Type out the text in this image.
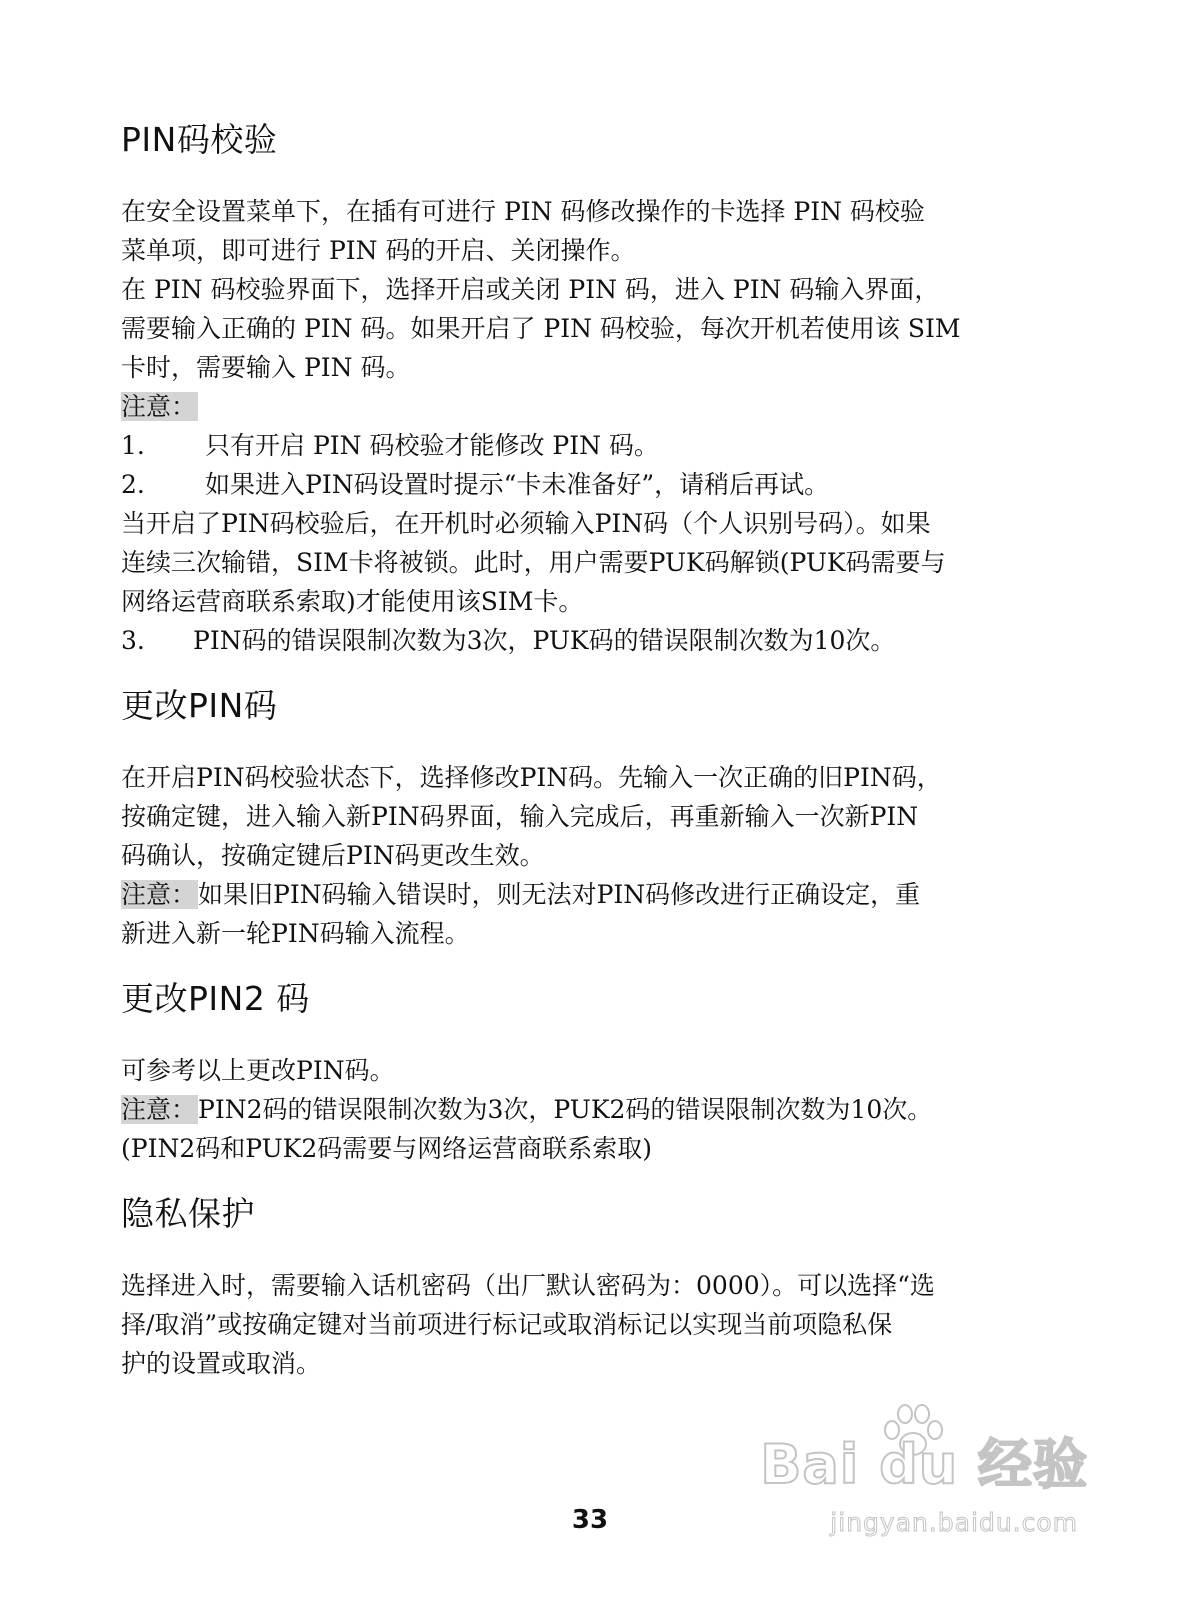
PIN码校验

在安全设置菜单下，在插有可进行 PIN 码修改操作的卡选择 PIN 码校验

菜单项，即可进行 PIN 码的开启、关闭操作。

在 PIN 码校验界面下，选择开启或关闭 PIN 码，进入 PIN 码输入界面，

需要输入正确的 PIN 码。如果开启了 PIN 码校验，每次开机若使用该 SIM

卡时，需要输入 PIN 码。

注意：

1. 只有开启 PIN 码校验才能修改 PIN 码。

2. 如果进入PIN码设置时提示“卡未准备好”，请稍后再试。

当开启了PIN码校验后，在开机时必须输入PIN码（个人识别号码）。如果

连续三次输错，SIM卡将被锁。此时，用户需要PUK码解锁(PUK码需要与

网络运营商联系索取)才能使用该SIM卡。

3. PIN码的错误限制次数为3次，PUK码的错误限制次数为10次。

更改PIN码

在开启PIN码校验状态下，选择修改PIN码。先输入一次正确的旧PIN码，

按确定键，进入输入新PIN码界面，输入完成后，再重新输入一次新PIN

码确认，按确定键后PIN码更改生效。

注意：如果旧PIN码输入错误时，则无法对PIN码修改进行正确设定，重

新进入新一轮PIN码输入流程。

更改PIN2 码

可参考以上更改PIN码。

注意：PIN2码的错误限制次数为3次，PUK2码的错误限制次数为10次。

(PIN2码和PUK2码需要与网络运营商联系索取)

隐私保护

选择进入时，需要输入话机密码（出厂默认密码为：0000）。可以选择“选

择/取消”或按确定键对当前项进行标记或取消标记以实现当前项隐私保

护的设置或取消。

Bai du 经验
jingyan.baidu.com
33
